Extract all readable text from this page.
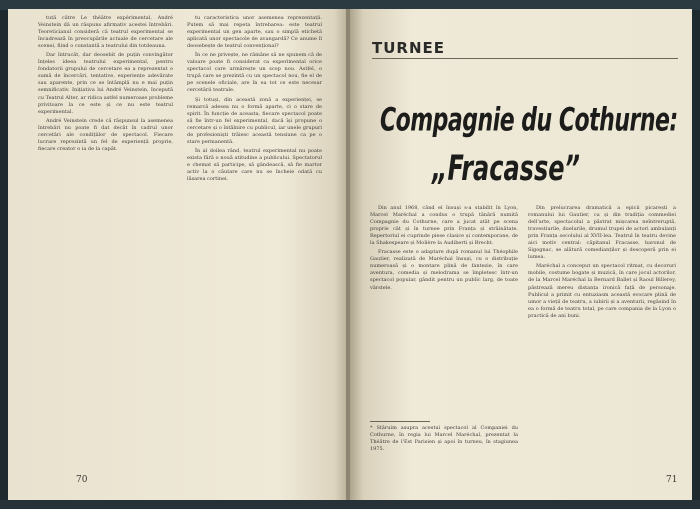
tută către Le théâtre expérimental, André Veinstein dă un răspuns afirmativ acestei întrebări. Teoreticianul consideră că teatrul experimental se încadrează în preocupările actuale de cercetare ale scenei, fiind o constantă a teatrului din totdeauna.

Dar întrucât, dar deosebit de puțin convingător înțeles ideea teatrului experimental, pentru fondatorii grupului de cercetare ea a reprezentat o sumă de încercări, tentative, experiențe adevărate sau aparente, prin ce se întâmplă nu e mai puțin semnificativ. Inițiativa lui André Veinstein, începută cu Teatrul Alter, ar ridica astfel numeroase probleme privitoare la ce este și ce nu este teatrul experimental.

André Veinstein crede că răspunsul la asemenea întrebări nu poate fi dat decât în cadrul unor cercetări ale condițiilor de spectacol. Fiecare lucrare reprezintă un fel de experiență proprie, fiecare creator o ia de la capăt.

tu caracteristica unor asemenea reprezentații. Putem să mai repeta întrebarea: este teatrul experimental un gen aparte, sau o simplă etichetă aplicată unor spectacole de avangardă? Ce anume îl deosebește de teatrul convențional?

În ce ne privește, ne rămâne să ne spunem că de valoare poate fi considerat ca experimental orice spectacol care urmărește un scop nou. Astfel, o trupă care se prezintă cu un spectacol nou, fie el de pe scenele oficiale, are în ea tot ce este necesar cercetării teatrale.

Și totuși, din această zonă a experienței, se remarcă adesea nu o formă aparte, ci o stare de spirit. În funcție de aceasta, fiecare spectacol poate să fie într-un fel experimental, dacă își propune o cercetare și o întâlnire cu publicul, iar unele grupuri de profesioniști trăiesc această tensiune ca pe o stare permanentă.

În al doilea rând, teatrul experimental nu poate exista fără o nouă atitudine a publicului. Spectatorul e chemat să participe, să gândească, să fie martor activ la o căutare care nu se încheie odată cu lăsarea cortinei.

70
TURNEE
Compagnie du Cothurne:
„Fracasse”

Din anul 1968, când el însuși s-a stabilit în Lyon, Marcel Maréchal a condus o trupă tânără numită Compagnie du Cothurne, care a jucat atât pe scena proprie cât și în turnee prin Franța și străinătate. Repertoriul ei cuprinde piese clasice și contemporane, de la Shakespeare și Molière la Audiberti și Brecht.

Fracasse este o adaptare după romanul lui Théophile Gautier, realizată de Maréchal însuși, cu o distribuție numeroasă și o montare plină de fantezie, în care aventura, comedia și melodrama se împletesc într-un spectacol popular, gândit pentru un public larg, de toate vârstele.

* Stăruim asupra acestui spectacol al Companiei du Cothurne, în regia lui Marcel Maréchal, prezentat la Théâtre de l'Est Parisien și apoi în turneu, în stagiunea 1975.

Din prelucrarea dramatică a epicii picarești a romanului lui Gautier, ca și din tradiția commediei dell'arte, spectacolul a păstrat mișcarea neîntreruptă, travestiurile, duelurile, drumul trupei de actori ambulanți prin Franța secolului al XVII-lea. Teatrul în teatru devine aici motiv central: căpitanul Fracasse, baronul de Sigognac, se alătură comedianților și descoperă prin ei lumea.

Maréchal a conceput un spectacol ritmat, cu decoruri mobile, costume bogate și muzică, în care jocul actorilor, de la Marcel Maréchal la Bernard Ballet și Raoul Billerey, păstrează mereu distanța ironică față de personaje. Publicul a primit cu entuziasm această evocare plină de umor a vieții de teatru, a iubirii și a aventurii, regăsind în ea o formă de teatru total, pe care compania de la Lyon o practică de ani buni.

71
